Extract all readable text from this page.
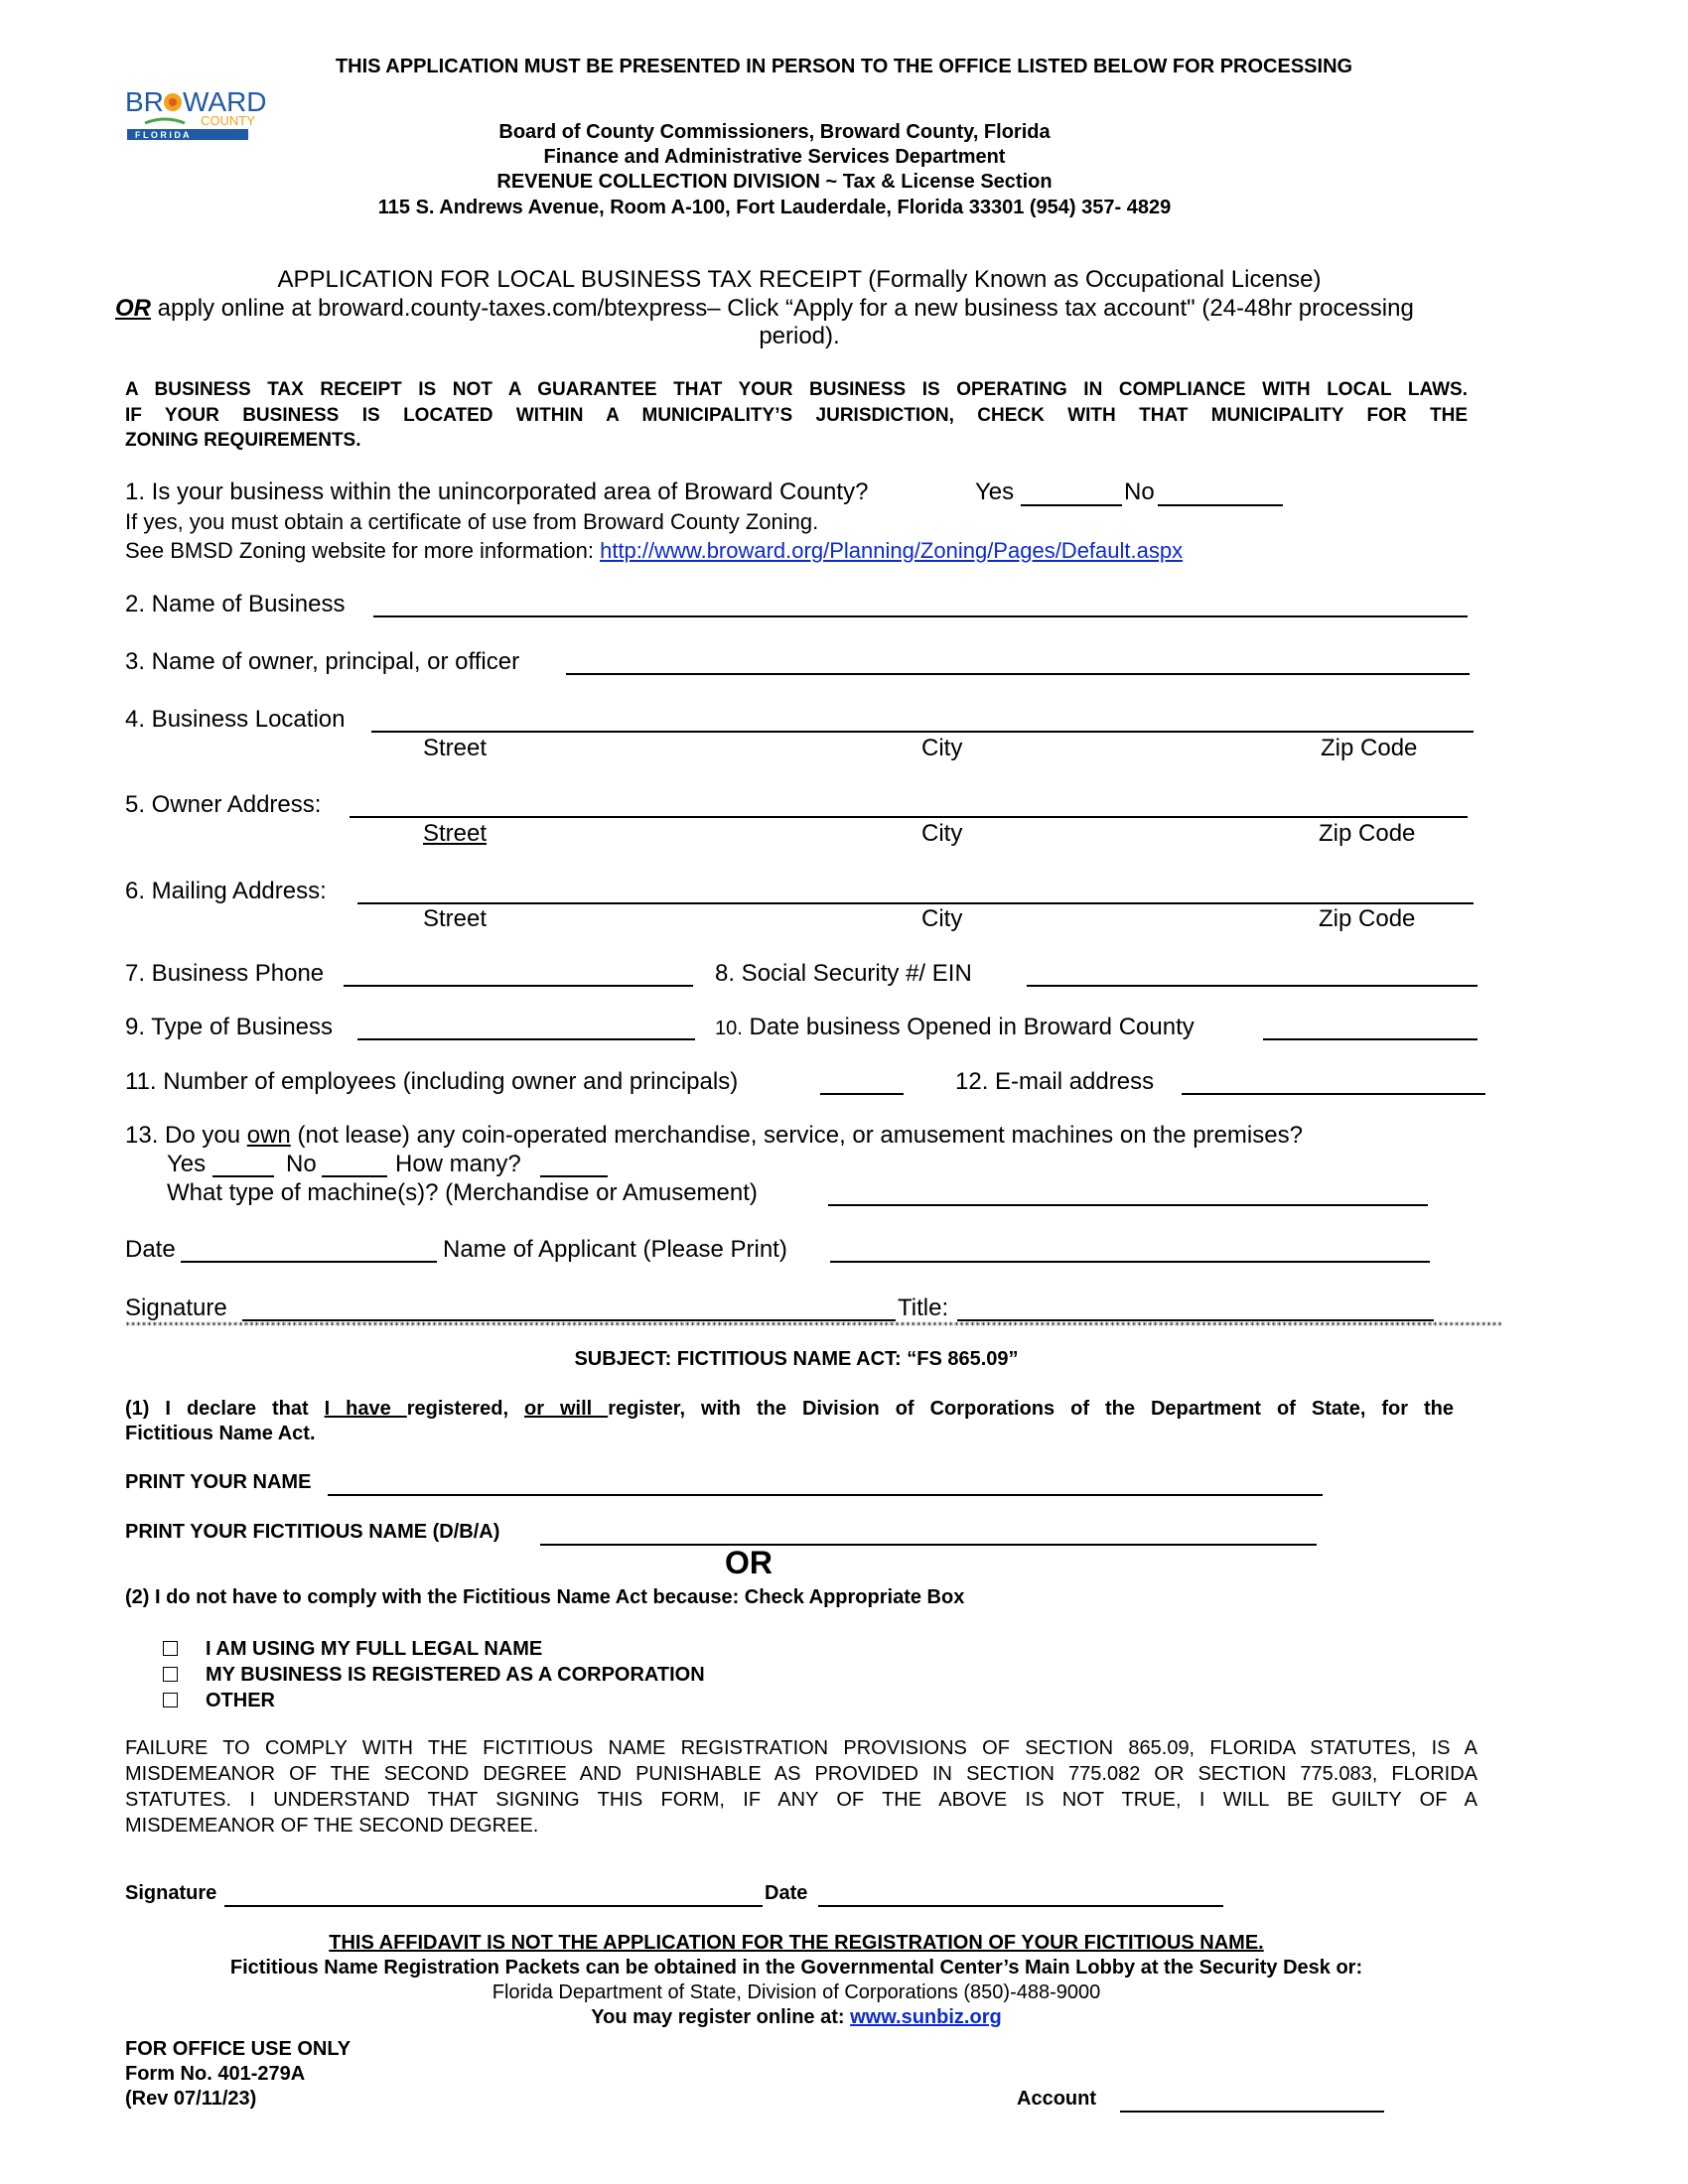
THIS APPLICATION MUST BE PRESENTED IN PERSON TO THE OFFICE LISTED BELOW FOR PROCESSING
BR WARD
COUNTY
F L O R I D A	Board of County Commissioners, Broward County, Florida
Finance and Administrative Services Department
REVENUE COLLECTION DIVISION ~ Tax & License Section
115 S. Andrews Avenue, Room A-100, Fort Lauderdale, Florida 33301 (954) 357- 4829
APPLICATION FOR LOCAL BUSINESS TAX RECEIPT (Formally Known as Occupational License)
OR apply online at broward.county-taxes.com/btexpress– Click “Apply for a new business tax account" (24-48hr processing
period).
A BUSINESS TAX RECEIPT IS NOT A GUARANTEE THAT YOUR BUSINESS IS OPERATING IN COMPLIANCE WITH LOCAL LAWS.
IF YOUR BUSINESS IS LOCATED WITHIN A MUNICIPALITY’S JURISDICTION, CHECK WITH THAT MUNICIPALITY FOR THE
ZONING REQUIREMENTS.
1. Is your business within the unincorporated area of Broward County?	Yes	No
If yes, you must obtain a certificate of use from Broward County Zoning.
See BMSD Zoning website for more information: http://www.broward.org/Planning/Zoning/Pages/Default.aspx
2. Name of Business
3. Name of owner, principal, or officer
4. Business Location
Street	City	Zip Code
5. Owner Address:
Street	City	Zip Code
6. Mailing Address:
Street	City	Zip Code
7. Business Phone	8. Social Security #/ EIN
9. Type of Business	10. Date business Opened in Broward County
11. Number of employees (including owner and principals)	12. E-mail address
13. Do you own (not lease) any coin-operated merchandise, service, or amusement machines on the premises?
Yes	No	How many?
What type of machine(s)? (Merchandise or Amusement)
Date	Name of Applicant (Please Print)
Signature	Title:
****************************************************************************************************************************************************************************************************************************************************************
SUBJECT: FICTITIOUS NAME ACT: “FS 865.09”
(1) I declare that I have registered, or will register, with the Division of Corporations of the Department of State, for the
Fictitious Name Act.
PRINT YOUR NAME
PRINT YOUR FICTITIOUS NAME (D/B/A)
OR
(2) I do not have to comply with the Fictitious Name Act because: Check Appropriate Box
I AM USING MY FULL LEGAL NAME
MY BUSINESS IS REGISTERED AS A CORPORATION
OTHER
FAILURE TO COMPLY WITH THE FICTITIOUS NAME REGISTRATION PROVISIONS OF SECTION 865.09, FLORIDA STATUTES, IS A
MISDEMEANOR OF THE SECOND DEGREE AND PUNISHABLE AS PROVIDED IN SECTION 775.082 OR SECTION 775.083, FLORIDA
STATUTES. I UNDERSTAND THAT SIGNING THIS FORM, IF ANY OF THE ABOVE IS NOT TRUE, I WILL BE GUILTY OF A
MISDEMEANOR OF THE SECOND DEGREE.
Signature	Date
THIS AFFIDAVIT IS NOT THE APPLICATION FOR THE REGISTRATION OF YOUR FICTITIOUS NAME.
Fictitious Name Registration Packets can be obtained in the Governmental Center’s Main Lobby at the Security Desk or:
Florida Department of State, Division of Corporations (850)-488-9000
You may register online at: www.sunbiz.org
FOR OFFICE USE ONLY
Form No. 401-279A
(Rev 07/11/23)	Account
